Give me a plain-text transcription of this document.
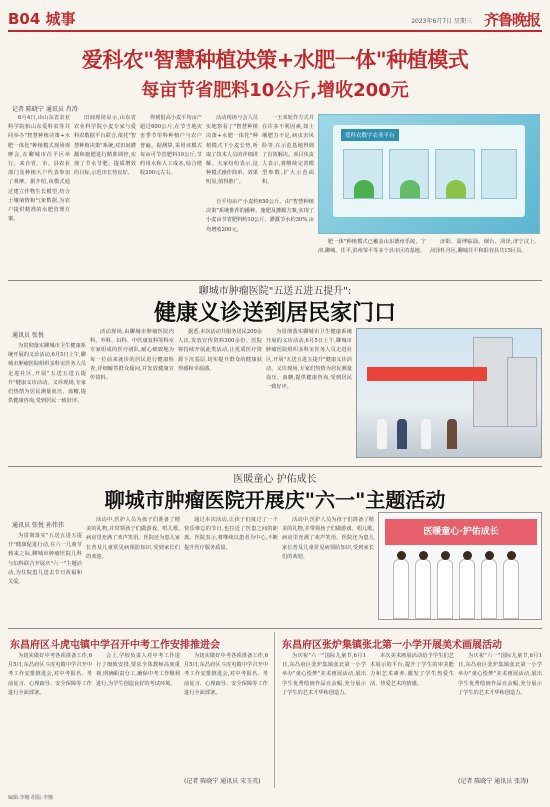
B04 城事	2023年6月7日 星期三 齐鲁晚报
爱科农"智慧种植决策+水肥一体"种植模式
每亩节省肥料10公斤,增收200元
记者 陈晓宁 通讯员 肖涛

6月4日,由山东省农业科学院和山东爱科农等共同举办"智慧种植决策+水肥一体化"种植模式现场观摩会,在聊城市茌平区举行。来自省、市、县农业部门及种植大户代表参加了观摩。据介绍,该模式通过建立作物生长模型,结合土壤墒情和气象数据,为农户提供精准的水肥管理方案。

田间现场显示,山东省农业科学院小麦专家与爱科农数据平台联合,依托"智慧种植决策"系统,对田间灌溉和施肥进行精准调控,实现了节水节肥、提质增效的目标,示范田长势良好。

得到很高小麦平均亩产超过600公斤,在节当地灾害季节里科种植户与农户普遍。据测算,采用该模式每亩可节省肥料10公斤,节约用水和人工成本,综合增收200元左右。

活动现场与会人员实地察看了"智慧种植决策+水肥一体化"种植模式下小麦长势,听取了技术人员的详细讲解。大家纷纷表示,这种模式操作简单、效果明显,值得推广。

一玉米轮作方式并在许多不利因素,如土壤肥力不足,病虫害风险等,在示范基地得到了有效解决。项目负责人表示,将继续完善模型参数,扩大示范面积。

自平均亩产小麦约650公斤。由"智慧种植决策"系统推荐的播种、施肥及灌溉方案,实现了小麦亩节省肥料约10公斤、灌溉节水约30%,亩均增收200元。

肥一体"种植模式已覆盖山东德州乐陵、宁津,聊城、茌平,滨州邹平等多个县市区的基地。

济阳、淄博临淄、烟台、菏泽,济宁汶上、菏泽牡丹区,聊城茌平和阳谷县共15区县。

爱科农数字农业平台
聊城市肿瘤医院"五送五进五提升":
健康义诊送到居民家门口
通讯员 张悦

为贯彻落实聊城市卫生健康系统开展的义诊活动,6月5日上午,聊城市肿瘤医院组织多科室医务人员走进社区,开展"五送五进五提升"健康义诊活动。义诊现场,专家们热情为居民测量血压、血糖,提供健康咨询,受到居民一致好评。

活动现场,由聊城市肿瘤医院内科、外科、妇科、中医康复科等科室专家组成的医疗团队,耐心细致地为每一位前来就诊的居民进行健康检查,详细解答群众疑问,并发放健康宣传资料。

据悉,本次活动共服务居民200余人次,发放宣传资料300余份。医院将持续开展此类活动,让优质医疗资源下沉基层,切实提升群众的健康获得感和幸福感。

为贯彻落实聊城市卫生健康系统开展的义诊活动,6月5日上午,聊城市肿瘤医院组织多科室医务人员走进社区,开展"五送五进五提升"健康义诊活动。义诊现场,专家们热情为居民测量血压、血糖,提供健康咨询,受到居民一致好评。

医暖童心 护佑成长
聊城市肿瘤医院开展庆"六一"主题活动
通讯员 张悦 孙伟伟

为贯彻落实"五送五进五提升"健康促进行动,在六一儿童节到来之际,聊城市肿瘤医院儿科与妇科联合开展庆"六一"主题活动,为住院患儿送去节日祝福和关爱。

活动中,医护人员为孩子们准备了精美的礼物,并带领孩子们做游戏、唱儿歌,病房里充满了欢声笑语。医院还为患儿家长普及儿童常见病预防知识,受到家长们的欢迎。

通过本次活动,让孩子们度过了一个快乐难忘的节日,也拉近了医患之间的距离。医院表示,将继续以患者为中心,不断提升医疗服务质量。

活动中,医护人员为孩子们准备了精美的礼物,并带领孩子们做游戏、唱儿歌,病房里充满了欢声笑语。医院还为患儿家长普及儿童常见病预防知识,受到家长们的欢迎。

医暖童心·护佑成长
东昌府区斗虎屯镇中学召开中考工作安排推进会

为切实做好中考各项准备工作,6月5日,东昌府区斗虎屯镇中学召开中考工作安排推进会,对中考报名、考前复习、心理疏导、安全保障等工作进行全面部署。

会上,学校负责人对中考工作进行了细致安排,要求全体教师高度重视,明确职责分工,确保中考工作顺利进行,为学生创造良好的考试环境。

为切实做好中考各项准备工作,6月5日,东昌府区斗虎屯镇中学召开中考工作安排推进会,对中考报名、考前复习、心理疏导、安全保障等工作进行全面部署。

(记者 陈晓宁 通讯员 宋玉英)
东昌府区张炉集镇张北第一小学开展美术画展活动

为庆祝"六一"国际儿童节,6月1日,东昌府区张炉集镇张北第一小学举办"童心绘梦"美术画展活动,展出学生优秀绘画作品百余幅,充分展示了学生的艺术才华和创造力。

本次美术画展活动给予学生们艺术展示的平台,提升了学生的审美能力和艺术素养,激发了学生热爱生活、热爱艺术的情感。

为庆祝"六一"国际儿童节,6月1日,东昌府区张炉集镇张北第一小学举办"童心绘梦"美术画展活动,展出学生优秀绘画作品百余幅,充分展示了学生的艺术才华和创造力。

(记者 陈晓宁 通讯员 张涛)
编辑:李娜 组版:李娜
